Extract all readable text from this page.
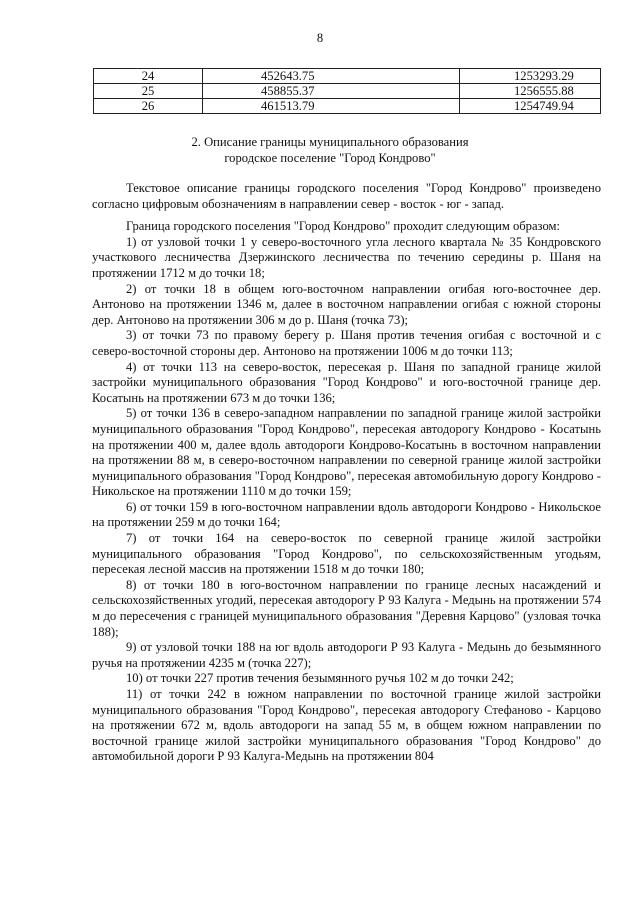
8
24	452643.75	1253293.29
25	458855.37	1256555.88
26	461513.79	1254749.94
2. Описание границы муниципального образования
городское поселение "Город Кондрово"

Текстовое описание границы городского поселения "Город Кондрово" произведено согласно цифровым обозначениям в направлении север - восток - юг - запад.

Граница городского поселения "Город Кондрово" проходит следующим образом:

1) от узловой точки 1 у северо-восточного угла лесного квартала № 35 Кондровского участкового лесничества Дзержинского лесничества по течению середины р. Шаня на протяжении 1712 м до точки 18;

2) от точки 18 в общем юго-восточном направлении огибая юго-восточнее дер. Антоново на протяжении 1346 м, далее в восточном направлении огибая с южной стороны дер. Антоново на протяжении 306 м до р. Шаня (точка 73);

3) от точки 73 по правому берегу р. Шаня против течения огибая с восточной и с северо-восточной стороны дер. Антоново на протяжении 1006 м до точки 113;

4) от точки 113 на северо-восток, пересекая р. Шаня по западной границе жилой застройки муниципального образования "Город Кондрово" и юго-восточной границе дер. Косатынь на протяжении 673 м до точки 136;

5) от точки 136 в северо-западном направлении по западной границе жилой застройки муниципального образования "Город Кондрово", пересекая автодорогу Кондрово - Косатынь на протяжении 400 м, далее вдоль автодороги Кондрово-Косатынь в восточном направлении на протяжении 88 м, в северо-восточном направлении по северной границе жилой застройки муниципального образования "Город Кондрово", пересекая автомобильную дорогу Кондрово - Никольское на протяжении 1110 м до точки 159;

6) от точки 159 в юго-восточном направлении вдоль автодороги Кондрово - Никольское на протяжении 259 м до точки 164;

7) от точки 164 на северо-восток по северной границе жилой застройки муниципального образования "Город Кондрово", по сельскохозяйственным угодьям, пересекая лесной массив на протяжении 1518 м до точки 180;

8) от точки 180 в юго-восточном направлении по границе лесных насаждений и сельскохозяйственных угодий, пересекая автодорогу Р 93 Калуга - Медынь на протяжении 574 м до пересечения с границей муниципального образования "Деревня Карцово" (узловая точка 188);

9) от узловой точки 188 на юг вдоль автодороги Р 93 Калуга - Медынь до безымянного ручья на протяжении 4235 м (точка 227);

10) от точки 227 против течения безымянного ручья 102 м до точки 242;

11) от точки 242 в южном направлении по восточной границе жилой застройки муниципального образования "Город Кондрово", пересекая автодорогу Стефаново - Карцово на протяжении 672 м, вдоль автодороги на запад 55 м, в общем южном направлении по восточной границе жилой застройки муниципального образования "Город Кондрово" до автомобильной дороги Р 93 Калуга-Медынь на протяжении 804
